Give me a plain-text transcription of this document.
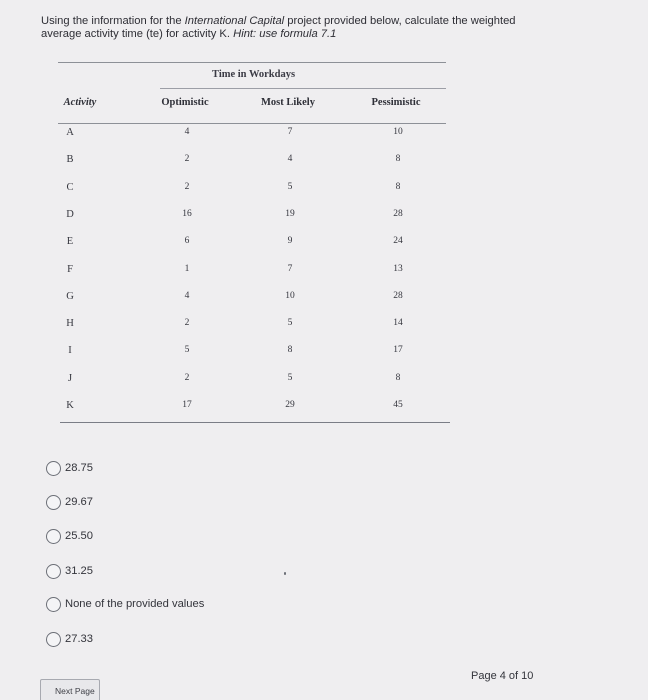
Using the information for the International Capital project provided below, calculate the weighted average activity time (te) for activity K. Hint: use formula 7.1
Time in Workdays
Activity	Optimistic	Most Likely	Pessimistic
A	4	7	10
B	2	4	8
C	2	5	8
D	16	19	28
E	6	9	24
F	1	7	13
G	4	10	28
H	2	5	14
I	5	8	17
J	2	5	8
K	17	29	45
28.75
29.67
25.50
31.25
None of the provided values
27.33
Page 4 of 10
Next Page
